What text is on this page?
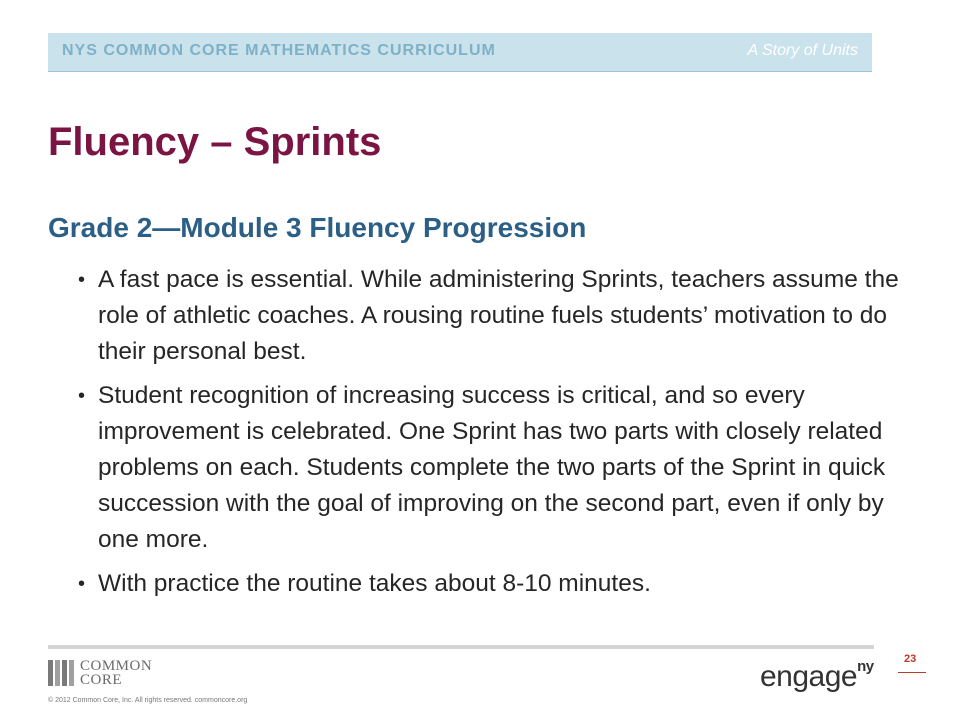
NYS COMMON CORE MATHEMATICS CURRICULUM	A Story of Units
Fluency – Sprints
Grade 2—Module 3 Fluency Progression
• A fast pace is essential. While administering Sprints, teachers assume the role of athletic coaches. A rousing routine fuels students’ motivation to do their personal best.
• Student recognition of increasing success is critical, and so every improvement is celebrated. One Sprint has two parts with closely related problems on each. Students complete the two parts of the Sprint in quick succession with the goal of improving on the second part, even if only by one more.
• With practice the routine takes about 8-10 minutes.
COMMON
CORE
© 2012 Common Core, Inc. All rights reserved. commoncore.org
engage$^{ny}$	23
